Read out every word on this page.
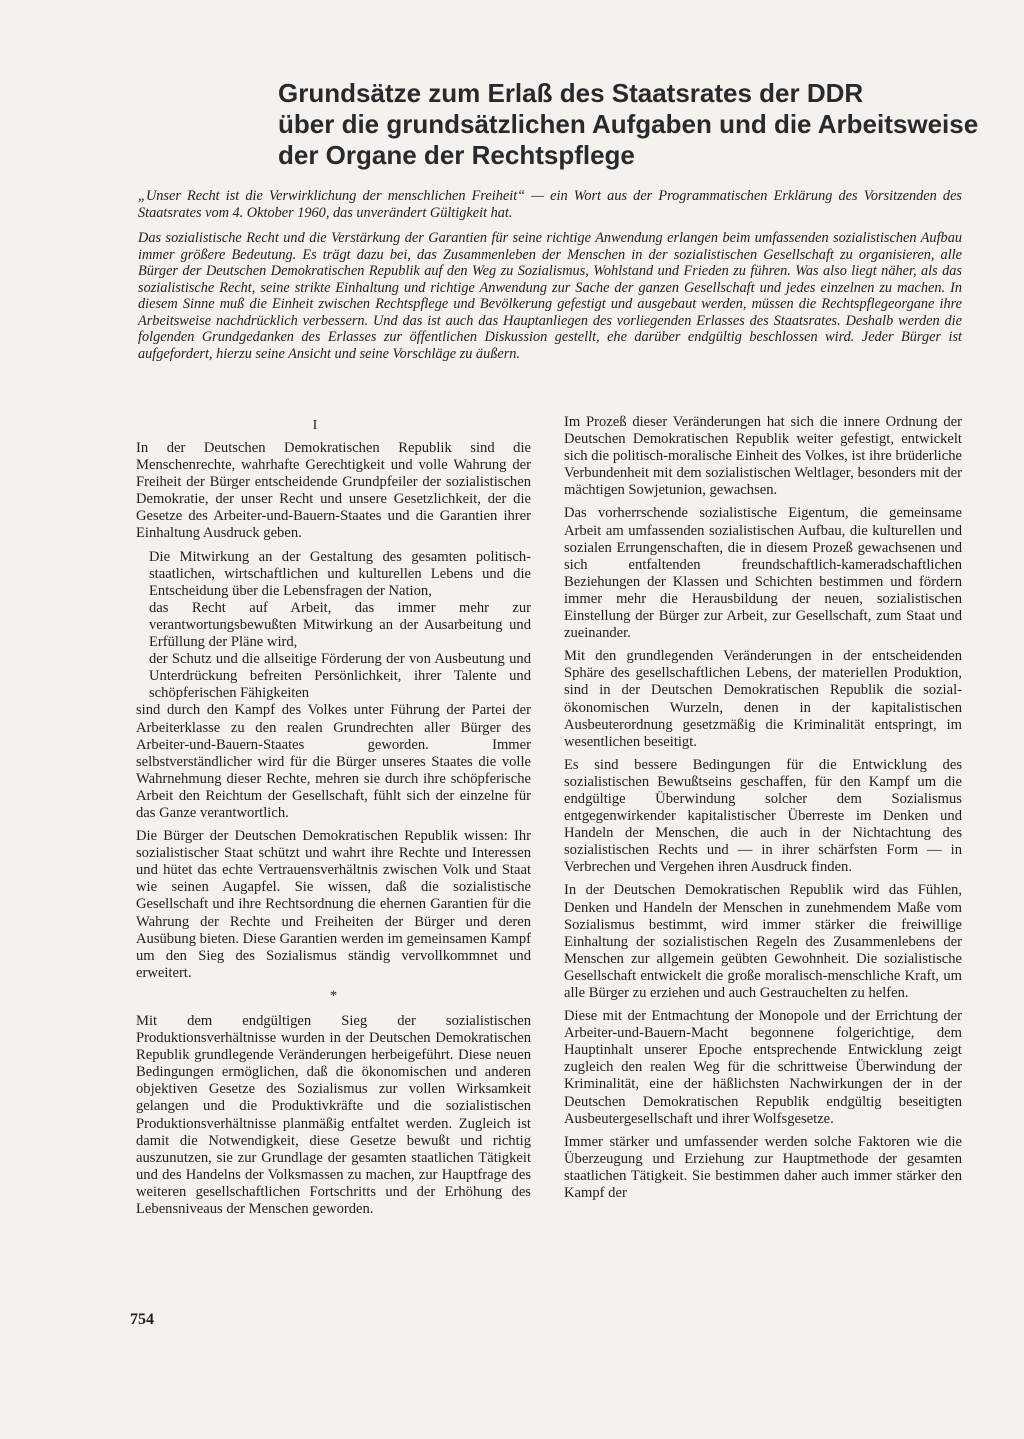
Grundsätze zum Erlaß des Staatsrates der DDR
über die grundsätzlichen Aufgaben und die Arbeitsweise
der Organe der Rechtspflege

„Unser Recht ist die Verwirklichung der menschlichen Freiheit“ — ein Wort aus der Programmatischen Erklärung des Vorsitzenden des Staatsrates vom 4. Oktober 1960, das unverändert Gültigkeit hat.

Das sozialistische Recht und die Verstärkung der Garantien für seine richtige Anwendung erlangen beim umfassenden sozialistischen Aufbau immer größere Bedeutung. Es trägt dazu bei, das Zusammenleben der Menschen in der sozialistischen Gesellschaft zu organisieren, alle Bürger der Deutschen Demokratischen Republik auf den Weg zu Sozialismus, Wohlstand und Frieden zu führen. Was also liegt näher, als das sozialistische Recht, seine strikte Einhaltung und richtige Anwendung zur Sache der ganzen Gesellschaft und jedes einzelnen zu machen. In diesem Sinne muß die Einheit zwischen Rechtspflege und Bevölkerung gefestigt und ausgebaut werden, müssen die Rechtspflegeorgane ihre Arbeitsweise nachdrücklich verbessern. Und das ist auch das Hauptanliegen des vorliegenden Erlasses des Staatsrates. Deshalb werden die folgenden Grundgedanken des Erlasses zur öffentlichen Diskussion gestellt, ehe darüber endgültig beschlossen wird. Jeder Bürger ist aufgefordert, hierzu seine Ansicht und seine Vorschläge zu äußern.

I

In der Deutschen Demokratischen Republik sind die Menschenrechte, wahrhafte Gerechtigkeit und volle Wahrung der Freiheit der Bürger entscheidende Grundpfeiler der sozialistischen Demokratie, der unser Recht und unsere Gesetzlichkeit, der die Gesetze des Arbeiter-und-Bauern-Staates und die Garantien ihrer Einhaltung Ausdruck geben.

Die Mitwirkung an der Gestaltung des gesamten politisch-staatlichen, wirtschaftlichen und kulturellen Lebens und die Entscheidung über die Lebensfragen der Nation,

das Recht auf Arbeit, das immer mehr zur verantwortungsbewußten Mitwirkung an der Ausarbeitung und Erfüllung der Pläne wird,

der Schutz und die allseitige Förderung der von Ausbeutung und Unterdrückung befreiten Persönlichkeit, ihrer Talente und schöpferischen Fähigkeiten

sind durch den Kampf des Volkes unter Führung der Partei der Arbeiterklasse zu den realen Grundrechten aller Bürger des Arbeiter-und-Bauern-Staates geworden. Immer selbstverständlicher wird für die Bürger unseres Staates die volle Wahrnehmung dieser Rechte, mehren sie durch ihre schöpferische Arbeit den Reichtum der Gesellschaft, fühlt sich der einzelne für das Ganze verantwortlich.

Die Bürger der Deutschen Demokratischen Republik wissen: Ihr sozialistischer Staat schützt und wahrt ihre Rechte und Interessen und hütet das echte Vertrauensverhältnis zwischen Volk und Staat wie seinen Augapfel. Sie wissen, daß die sozialistische Gesellschaft und ihre Rechtsordnung die ehernen Garantien für die Wahrung der Rechte und Freiheiten der Bürger und deren Ausübung bieten. Diese Garantien werden im gemeinsamen Kampf um den Sieg des Sozialismus ständig vervollkommnet und erweitert.

*

Mit dem endgültigen Sieg der sozialistischen Produktionsverhältnisse wurden in der Deutschen Demokratischen Republik grundlegende Veränderungen herbeigeführt. Diese neuen Bedingungen ermöglichen, daß die ökonomischen und anderen objektiven Gesetze des Sozialismus zur vollen Wirksamkeit gelangen und die Produktivkräfte und die sozialistischen Produktionsverhältnisse planmäßig entfaltet werden. Zugleich ist damit die Notwendigkeit, diese Gesetze bewußt und richtig auszunutzen, sie zur Grundlage der gesamten staatlichen Tätigkeit und des Handelns der Volksmassen zu machen, zur Hauptfrage des weiteren gesellschaftlichen Fortschritts und der Erhöhung des Lebensniveaus der Menschen geworden.

Im Prozeß dieser Veränderungen hat sich die innere Ordnung der Deutschen Demokratischen Republik weiter gefestigt, entwickelt sich die politisch-moralische Einheit des Volkes, ist ihre brüderliche Verbundenheit mit dem sozialistischen Weltlager, besonders mit der mächtigen Sowjetunion, gewachsen.

Das vorherrschende sozialistische Eigentum, die gemeinsame Arbeit am umfassenden sozialistischen Aufbau, die kulturellen und sozialen Errungenschaften, die in diesem Prozeß gewachsenen und sich entfaltenden freundschaftlich-kameradschaftlichen Beziehungen der Klassen und Schichten bestimmen und fördern immer mehr die Herausbildung der neuen, sozialistischen Einstellung der Bürger zur Arbeit, zur Gesellschaft, zum Staat und zueinander.

Mit den grundlegenden Veränderungen in der entscheidenden Sphäre des gesellschaftlichen Lebens, der materiellen Produktion, sind in der Deutschen Demokratischen Republik die sozial-ökonomischen Wurzeln, denen in der kapitalistischen Ausbeuterordnung gesetzmäßig die Kriminalität entspringt, im wesentlichen beseitigt.

Es sind bessere Bedingungen für die Entwicklung des sozialistischen Bewußtseins geschaffen, für den Kampf um die endgültige Überwindung solcher dem Sozialismus entgegenwirkender kapitalistischer Überreste im Denken und Handeln der Menschen, die auch in der Nichtachtung des sozialistischen Rechts und — in ihrer schärfsten Form — in Verbrechen und Vergehen ihren Ausdruck finden.

In der Deutschen Demokratischen Republik wird das Fühlen, Denken und Handeln der Menschen in zunehmendem Maße vom Sozialismus bestimmt, wird immer stärker die freiwillige Einhaltung der sozialistischen Regeln des Zusammenlebens der Menschen zur allgemein geübten Gewohnheit. Die sozialistische Gesellschaft entwickelt die große moralisch-menschliche Kraft, um alle Bürger zu erziehen und auch Gestrauchelten zu helfen.

Diese mit der Entmachtung der Monopole und der Errichtung der Arbeiter-und-Bauern-Macht begonnene folgerichtige, dem Hauptinhalt unserer Epoche entsprechende Entwicklung zeigt zugleich den realen Weg für die schrittweise Überwindung der Kriminalität, eine der häßlichsten Nachwirkungen der in der Deutschen Demokratischen Republik endgültig beseitigten Ausbeutergesellschaft und ihrer Wolfsgesetze.

Immer stärker und umfassender werden solche Faktoren wie die Überzeugung und Erziehung zur Hauptmethode der gesamten staatlichen Tätigkeit. Sie bestimmen daher auch immer stärker den Kampf der

754
